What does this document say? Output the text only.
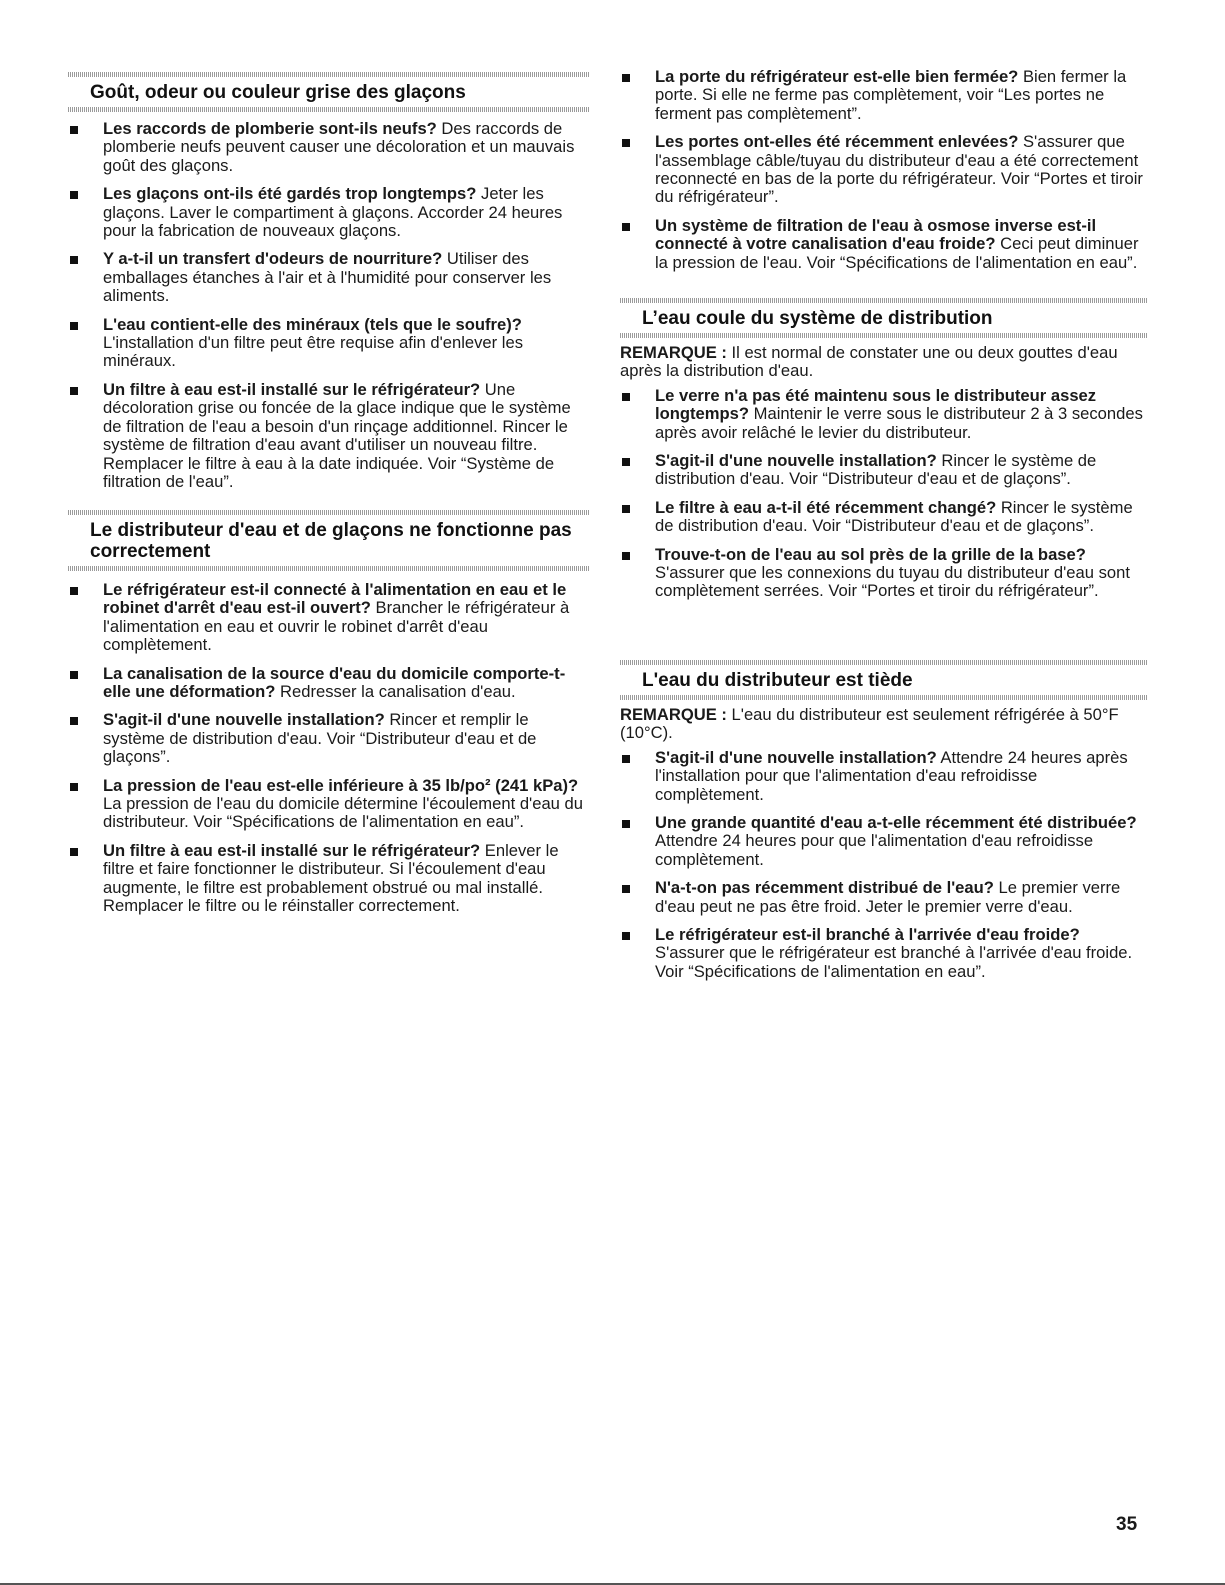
Goût, odeur ou couleur grise des glaçons
Les raccords de plomberie sont-ils neufs? Des raccords de plomberie neufs peuvent causer une décoloration et un mauvais goût des glaçons.
Les glaçons ont-ils été gardés trop longtemps? Jeter les glaçons. Laver le compartiment à glaçons. Accorder 24 heures pour la fabrication de nouveaux glaçons.
Y a-t-il un transfert d'odeurs de nourriture? Utiliser des emballages étanches à l'air et à l'humidité pour conserver les aliments.
L'eau contient-elle des minéraux (tels que le soufre)? L'installation d'un filtre peut être requise afin d'enlever les minéraux.
Un filtre à eau est-il installé sur le réfrigérateur? Une décoloration grise ou foncée de la glace indique que le système de filtration de l'eau a besoin d'un rinçage additionnel. Rincer le système de filtration d'eau avant d'utiliser un nouveau filtre. Remplacer le filtre à eau à la date indiquée. Voir “Système de filtration de l'eau”.
Le distributeur d'eau et de glaçons ne fonctionne pas correctement
Le réfrigérateur est-il connecté à l'alimentation en eau et le robinet d'arrêt d'eau est-il ouvert? Brancher le réfrigérateur à l'alimentation en eau et ouvrir le robinet d'arrêt d'eau complètement.
La canalisation de la source d'eau du domicile comporte-t-elle une déformation? Redresser la canalisation d'eau.
S'agit-il d'une nouvelle installation? Rincer et remplir le système de distribution d'eau. Voir “Distributeur d'eau et de glaçons”.
La pression de l'eau est-elle inférieure à 35 lb/po² (241 kPa)? La pression de l'eau du domicile détermine l'écoulement d'eau du distributeur. Voir “Spécifications de l'alimentation en eau”.
Un filtre à eau est-il installé sur le réfrigérateur? Enlever le filtre et faire fonctionner le distributeur. Si l'écoulement d'eau augmente, le filtre est probablement obstrué ou mal installé. Remplacer le filtre ou le réinstaller correctement.
La porte du réfrigérateur est-elle bien fermée? Bien fermer la porte. Si elle ne ferme pas complètement, voir “Les portes ne ferment pas complètement”.
Les portes ont-elles été récemment enlevées? S'assurer que l'assemblage câble/tuyau du distributeur d'eau a été correctement reconnecté en bas de la porte du réfrigérateur. Voir “Portes et tiroir du réfrigérateur”.
Un système de filtration de l'eau à osmose inverse est-il connecté à votre canalisation d'eau froide? Ceci peut diminuer la pression de l'eau. Voir “Spécifications de l'alimentation en eau”.
L’eau coule du système de distribution
REMARQUE : Il est normal de constater une ou deux gouttes d'eau après la distribution d'eau.
Le verre n'a pas été maintenu sous le distributeur assez longtemps? Maintenir le verre sous le distributeur 2 à 3 secondes après avoir relâché le levier du distributeur.
S'agit-il d'une nouvelle installation? Rincer le système de distribution d'eau. Voir “Distributeur d'eau et de glaçons”.
Le filtre à eau a-t-il été récemment changé? Rincer le système de distribution d'eau. Voir “Distributeur d'eau et de glaçons”.
Trouve-t-on de l'eau au sol près de la grille de la base? S'assurer que les connexions du tuyau du distributeur d'eau sont complètement serrées. Voir “Portes et tiroir du réfrigérateur”.
L'eau du distributeur est tiède
REMARQUE : L'eau du distributeur est seulement réfrigérée à 50°F (10°C).
S'agit-il d'une nouvelle installation? Attendre 24 heures après l'installation pour que l'alimentation d'eau refroidisse complètement.
Une grande quantité d'eau a-t-elle récemment été distribuée? Attendre 24 heures pour que l'alimentation d'eau refroidisse complètement.
N'a-t-on pas récemment distribué de l'eau? Le premier verre d'eau peut ne pas être froid. Jeter le premier verre d'eau.
Le réfrigérateur est-il branché à l'arrivée d'eau froide? S'assurer que le réfrigérateur est branché à l'arrivée d'eau froide. Voir “Spécifications de l'alimentation en eau”.
35
